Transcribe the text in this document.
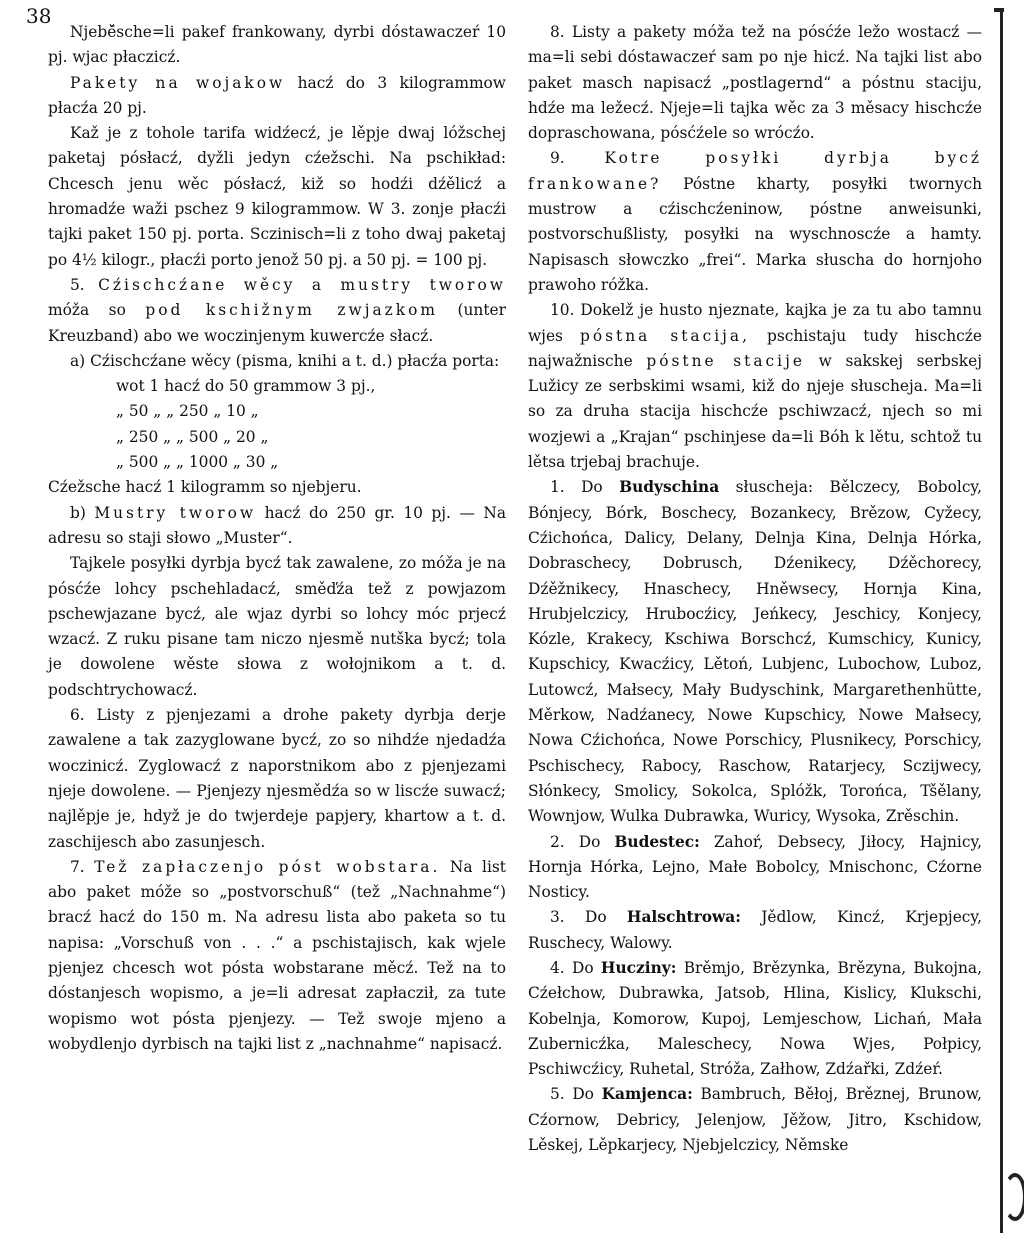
38

Njebě̄sche=li pakef frankowany, dyrbi dóstawaczeŕ 10 pj. wjac płaczicź.

Pakety na wojakow hacź do 3 kilogrammow płacźa 20 pj.

Kaž je z tohole tarifa widźecź, je lěpje dwaj lóžschej paketaj pósłacź, dyžli jedyn cźežschi. Na pschikład: Chcesch jenu wěc pósłacź, kiž so hodźi dźělicź a hromadźe waži pschez 9 kilogrammow. W 3. zonje płacźi tajki paket 150 pj. porta. Sczinisch=li z toho dwaj paketaj po 4½ kilogr., płacźi porto jenož 50 pj. a 50 pj. = 100 pj.

5. Cźischcźane wěcy a mustry tworow móža so pod kschižnym zwjazkom (unter Kreuzband) abo we woczinjenym kuwercźe słacź.

a) Cźischcźane wěcy (pisma, knihi a t. d.) płacźa porta:

wot 1 hacź do 50 grammow 3 pj.,
„ 50 „ „ 250 „ 10 „
„ 250 „ „ 500 „ 20 „
„ 500 „ „ 1000 „ 30 „

Cźežsche hacź 1 kilogramm so njebjeru.

b) Mustry tworow hacź do 250 gr. 10 pj. — Na adresu so staji słowo „Muster“.

Tajkele posyłki dyrbja bycź tak zawalene, zo móža je na pósćźe lohcy pschehladacź, směďźa tež z powjazom pschewjazane bycź, ale wjaz dyrbi so lohcy móc prjecź wzacź. Z ruku pisane tam niczo njesmě nutška bycź; tola je dowolene wěste słowa z wołojnikom a t. d. podschtrychowacź.

6. Listy z pjenjezami a drohe pakety dyrbja derje zawalene a tak zazyglowane bycź, zo so nihdźe njedadźa woczinicź. Zyglowacź z naporstnikom abo z pjenjezami njeje dowolene. — Pjenjezy njesmědźa so w liscźe suwacź; najlěpje je, hdyž je do twjerdeje papjery, khartow a t. d. zaschijesch abo zasunjesch.

7. Tež zapłaczenjo póst wobstara. Na list abo paket móže so „postvorschuß“ (tež „Nachnahme“) bracź hacź do 150 m. Na adresu lista abo paketa so tu napisa: „Vorschuß von . . .“ a pschistajisch, kak wjele pjenjez chcesch wot pósta wobstarane měcź. Tež na to dóstanjesch wopismo, a je=li adresat zapłacził, za tute wopismo wot pósta pjenjezy. — Tež swoje mjeno a wobydlenjo dyrbisch na tajki list z „nachnahme“ napisacź.

8. Listy a pakety móža tež na pósćźe ležo wostacź — ma=li sebi dóstawaczeŕ sam po nje hicź. Na tajki list abo paket masch napisacź „postlagernd“ a póstnu staciju, hdźe ma ležecź. Njeje=li tajka wěc za 3 měsacy hischcźe dopraschowana, pósćźele so wrócźo.

9.	Kotre posyłki dyrbja bycź frankowane? Póstne kharty, posyłki twornych mustrow a cźischcźeninow, póstne anweisunki, postvorschußlisty, posyłki na wyschnoscźe a hamty. Napisasch słowczko „frei“. Marka słuscha do hornjoho prawoho róžka.

10. Dokelž je husto njeznate, kajka je za tu abo tamnu wjes póstna stacija, pschistaju tudy hischcźe najwažnische póstne stacije w sakskej serbskej Lužicy ze serbskimi wsami, kiž do njeje słuscheja. Ma=li so za druha stacija hischcźe pschiwzacź, njech so mi wozjewi a „Krajan“ pschinjese da=li Bóh k lětu, schtož tu lětsa trjebaj brachuje.

1. Do Budyschina słuscheja: Bělczecy, Bobolcy, Bónjecy, Bórk, Boschecy, Bozankecy, Brězow, Cyžecy, Cźichońca, Dalicy, Delany, Delnja Kina, Delnja Hórka, Dobraschecy, Dobrusch, Dźenikecy, Dźěchorecy, Dźěžnikecy, Hnaschecy, Hněwsecy, Hornja Kina, Hrubjelczicy, Hrubocźicy, Jeńkecy, Jeschicy, Konjecy, Kózle, Krakecy, Kschiwa Borschcź, Kumschicy, Kunicy, Kupschicy, Kwacźicy, Lětoń, Lubjenc, Lubochow, Luboz, Lutowcź, Małsecy, Mały Budyschink, Margarethenhütte, Měrkow, Nadźanecy, Nowe Kupschicy, Nowe Małsecy, Nowa Cźichońca, Nowe Porschicy, Plusnikecy, Porschicy, Pschischecy, Rabocy, Raschow, Ratarjecy, Sczijwecy, Słónkecy, Smolicy, Sokolca, Splóžk, Torońca, Tšělany, Wownjow, Wulka Dubrawka, Wuricy, Wysoka, Zrěschin.

2. Do Budestec: Zahoŕ, Debsecy, Jiłocy, Hajnicy, Hornja Hórka, Lejno, Małe Bobolcy, Mnischonc, Cźorne Nosticy.

3. Do Halschtrowa: Jědlow, Kincź, Krjepjecy, Ruschecy, Walowy.

4. Do Hucziny: Brěmjo, Brězynka, Brězyna, Bukojna, Cźełchow, Dubrawka, Jatsob, Hlina, Kislicy, Klukschi, Kobelnja, Komorow, Kupoj, Lemjeschow, Lichań, Mała Zubernicźka, Maleschecy, Nowa Wjes, Połpicy, Pschiwcźicy, Ruhetal, Stróža, Załhow, Zdźařki, Zdźeŕ.

5. Do Kamjenca: Bambruch, Běłoj, Brěznej, Brunow, Cźornow, Debricy, Jelenjow, Jěžow, Jitro, Kschidow, Lěskej, Lěpkarjecy, Njebjelczicy, Němske
